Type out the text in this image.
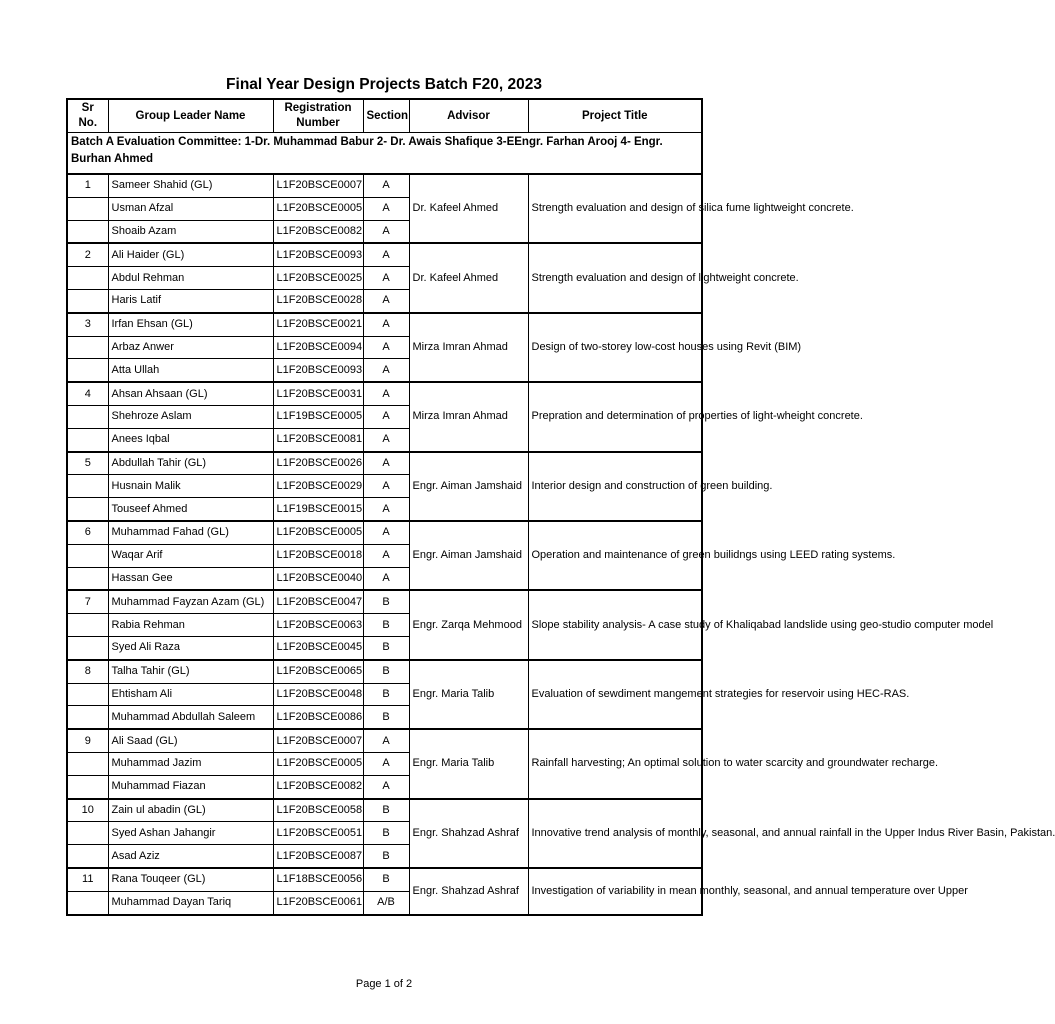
Final Year Design Projects Batch F20, 2023
Sr No.	Group Leader Name	Registration Number	Section	Advisor	Project Title
Batch A Evaluation Committee: 1-Dr. Muhammad Babur 2- Dr. Awais Shafique 3-EEngr. Farhan Arooj 4- Engr. Burhan Ahmed					
1	Sameer Shahid (GL)	L1F20BSCE0007	A	Dr. Kafeel Ahmed	Strength evaluation and design of silica fume lightweight concrete.
	Usman Afzal	L1F20BSCE0005	A		
	Shoaib Azam	L1F20BSCE0082	A		
2	Ali Haider (GL)	L1F20BSCE0093	A	Dr. Kafeel Ahmed	Strength evaluation and design of lightweight concrete.
	Abdul Rehman	L1F20BSCE0025	A		
	Haris Latif	L1F20BSCE0028	A		
3	Irfan Ehsan (GL)	L1F20BSCE0021	A	Mirza Imran Ahmad	Design of two-storey low-cost houses using Revit (BIM)
	Arbaz Anwer	L1F20BSCE0094	A		
	Atta Ullah	L1F20BSCE0093	A		
4	Ahsan Ahsaan (GL)	L1F20BSCE0031	A	Mirza Imran Ahmad	Prepration and determination of properties of light-wheight concrete.
	Shehroze Aslam	L1F19BSCE0005	A		
	Anees Iqbal	L1F20BSCE0081	A		
5	Abdullah Tahir (GL)	L1F20BSCE0026	A	Engr. Aiman Jamshaid	Interior design and construction of green building.
	Husnain Malik	L1F20BSCE0029	A		
	Touseef Ahmed	L1F19BSCE0015	A		
6	Muhammad Fahad (GL)	L1F20BSCE0005	A	Engr. Aiman Jamshaid	Operation and maintenance of green builidngs using LEED rating systems.
	Waqar Arif	L1F20BSCE0018	A		
	Hassan Gee	L1F20BSCE0040	A		
7	Muhammad Fayzan Azam (GL)	L1F20BSCE0047	B	Engr. Zarqa Mehmood	Slope stability analysis- A case study of Khaliqabad landslide using geo-studio computer model
	Rabia Rehman	L1F20BSCE0063	B		
	Syed Ali Raza	L1F20BSCE0045	B		
8	Talha Tahir (GL)	L1F20BSCE0065	B	Engr. Maria Talib	Evaluation of sewdiment mangement strategies for reservoir using HEC-RAS.
	Ehtisham Ali	L1F20BSCE0048	B		
	Muhammad Abdullah Saleem	L1F20BSCE0086	B		
9	Ali Saad (GL)	L1F20BSCE0007	A	Engr. Maria Talib	Rainfall harvesting; An optimal solution to water scarcity and groundwater recharge.
	Muhammad Jazim	L1F20BSCE0005	A		
	Muhammad Fiazan	L1F20BSCE0082	A		
10	Zain ul abadin (GL)	L1F20BSCE0058	B	Engr. Shahzad Ashraf	Innovative trend analysis of monthly, seasonal, and annual rainfall in the Upper Indus River Basin, Pakistan.
	Syed Ashan Jahangir	L1F20BSCE0051	B		
	Asad Aziz	L1F20BSCE0087	B		
11	Rana Touqeer (GL)	L1F18BSCE0056	B	Engr. Shahzad Ashraf	Investigation of variability in mean monthly, seasonal, and annual temperature over Upper
	Muhammad Dayan Tariq	L1F20BSCE0061	A/B		
Page 1 of 2
